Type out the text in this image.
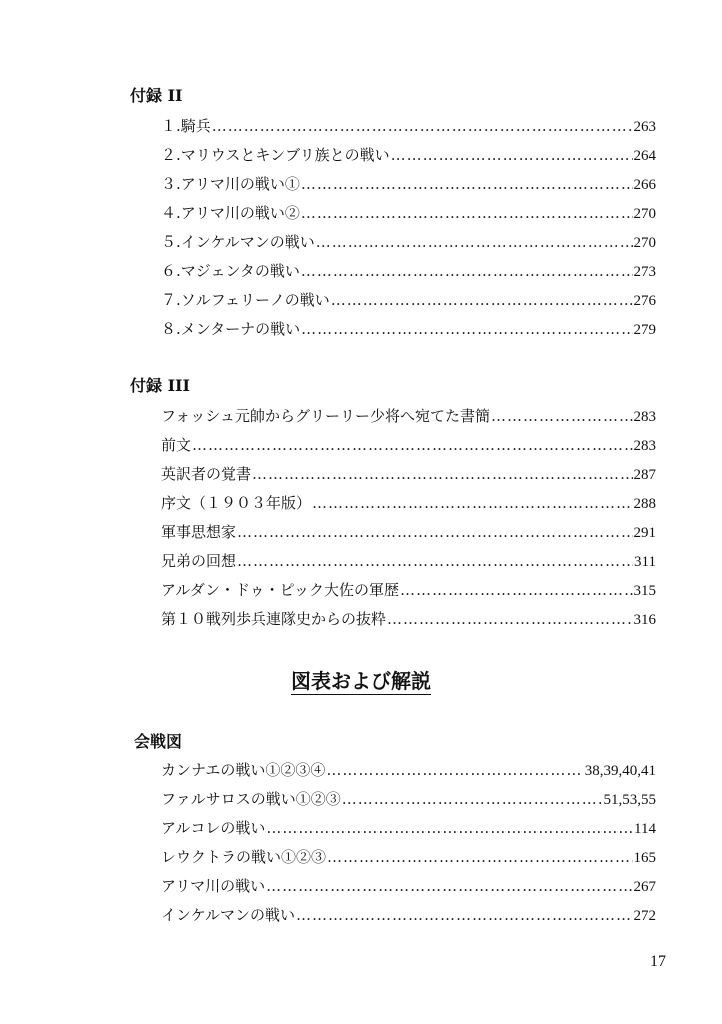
付録 II
１.騎兵 ……………………………………………………………………………………………………………………………………………………………………	263
２.マリウスとキンブリ族との戦い ……………………………………………………………………………………………………………………………………………………………………	264
３.アリマ川の戦い① ……………………………………………………………………………………………………………………………………………………………………	266
４.アリマ川の戦い② ……………………………………………………………………………………………………………………………………………………………………	270
５.インケルマンの戦い ……………………………………………………………………………………………………………………………………………………………………	270
６.マジェンタの戦い ……………………………………………………………………………………………………………………………………………………………………	273
７.ソルフェリーノの戦い ……………………………………………………………………………………………………………………………………………………………………	276
８.メンターナの戦い ……………………………………………………………………………………………………………………………………………………………………	279
付録 III
フォッシュ元帥からグリーリー少将へ宛てた書簡 ……………………………………………………………………………………………………………………………………………………………………	283
前文 ……………………………………………………………………………………………………………………………………………………………………	283
英訳者の覚書 ……………………………………………………………………………………………………………………………………………………………………	287
序文（１９０３年版） ……………………………………………………………………………………………………………………………………………………………………	288
軍事思想家 ……………………………………………………………………………………………………………………………………………………………………	291
兄弟の回想 ……………………………………………………………………………………………………………………………………………………………………	311
アルダン・ドゥ・ピック大佐の軍歴 ……………………………………………………………………………………………………………………………………………………………………	315
第１０戦列歩兵連隊史からの抜粋 ……………………………………………………………………………………………………………………………………………………………………	316
図表および解説
会戦図
カンナエの戦い①②③④ ……………………………………………………………………………………………………………………………………………………………………	38,39,40,41
ファルサロスの戦い①②③ ……………………………………………………………………………………………………………………………………………………………………	51,53,55
アルコレの戦い ……………………………………………………………………………………………………………………………………………………………………	114
レウクトラの戦い①②③ ……………………………………………………………………………………………………………………………………………………………………	165
アリマ川の戦い ……………………………………………………………………………………………………………………………………………………………………	267
インケルマンの戦い ……………………………………………………………………………………………………………………………………………………………………	272
17
